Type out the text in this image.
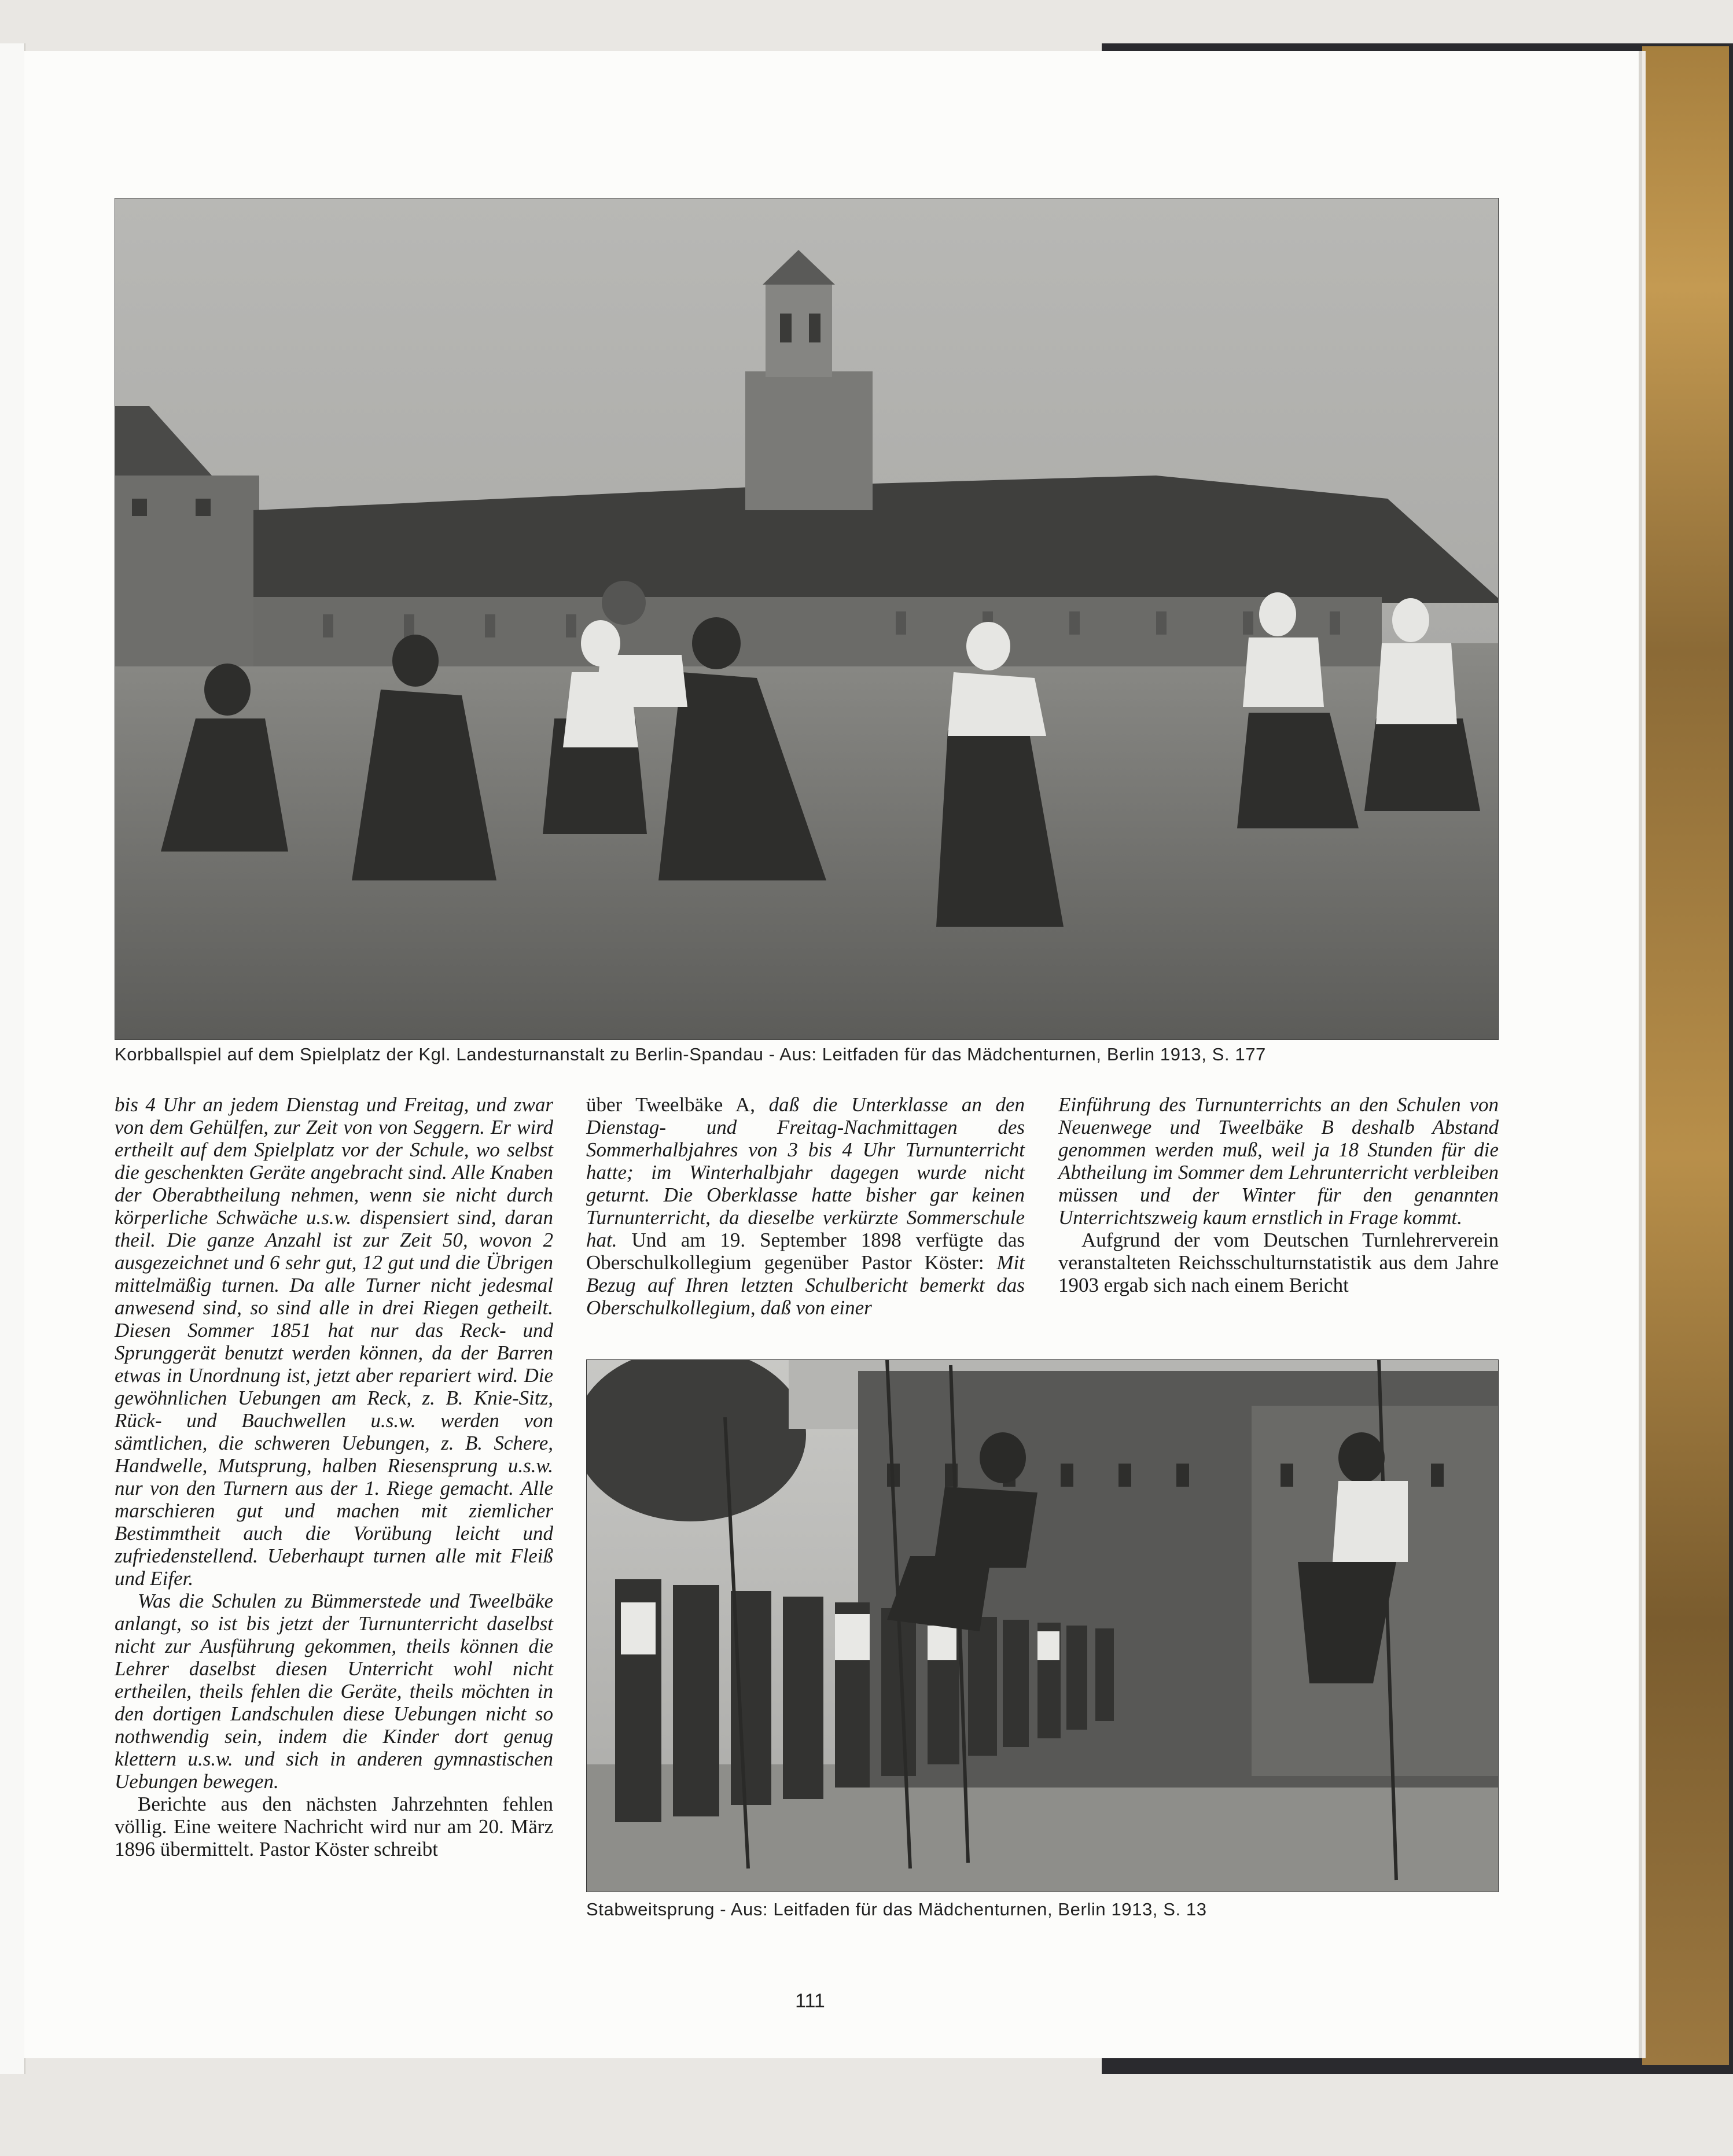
Korbballspiel auf dem Spielplatz der Kgl. Landesturnanstalt zu Berlin-Spandau - Aus: Leitfaden für das Mädchenturnen, Berlin 1913, S. 177

bis 4 Uhr an jedem Dienstag und Freitag, und zwar von dem Gehülfen, zur Zeit von von Seggern. Er wird ertheilt auf dem Spielplatz vor der Schule, wo selbst die geschenkten Geräte angebracht sind. Alle Knaben der Oberabtheilung nehmen, wenn sie nicht durch körperliche Schwäche u.s.w. dispensiert sind, daran theil. Die ganze Anzahl ist zur Zeit 50, wovon 2 ausgezeichnet und 6 sehr gut, 12 gut und die Übrigen mittelmäßig turnen. Da alle Turner nicht jedesmal anwesend sind, so sind alle in drei Riegen getheilt. Diesen Sommer 1851 hat nur das Reck- und Sprunggerät benutzt werden können, da der Barren etwas in Unordnung ist, jetzt aber repariert wird. Die gewöhnlichen Uebungen am Reck, z. B. Knie-Sitz, Rück- und Bauchwellen u.s.w. werden von sämtlichen, die schweren Uebungen, z. B. Schere, Handwelle, Mutsprung, halben Riesensprung u.s.w. nur von den Turnern aus der 1. Riege gemacht. Alle marschieren gut und machen mit ziemlicher Bestimmtheit auch die Vorübung leicht und zufriedenstellend. Ueberhaupt turnen alle mit Fleiß und Eifer.

Was die Schulen zu Bümmerstede und Tweelbäke anlangt, so ist bis jetzt der Turnunterricht daselbst nicht zur Ausführung gekommen, theils können die Lehrer daselbst diesen Unterricht wohl nicht ertheilen, theils fehlen die Geräte, theils möchten in den dortigen Landschulen diese Uebungen nicht so nothwendig sein, indem die Kinder dort genug klettern u.s.w. und sich in anderen gymnastischen Uebungen bewegen.

Berichte aus den nächsten Jahrzehnten fehlen völlig. Eine weitere Nachricht wird nur am 20. März 1896 übermittelt. Pastor Köster schreibt

über Tweelbäke A, daß die Unterklasse an den Dienstag- und Freitag-Nachmittagen des Sommerhalbjahres von 3 bis 4 Uhr Turnunterricht hatte; im Winterhalbjahr dagegen wurde nicht geturnt. Die Oberklasse hatte bisher gar keinen Turnunterricht, da dieselbe verkürzte Sommerschule hat. Und am 19. September 1898 verfügte das Oberschulkollegium gegenüber Pastor Köster: Mit Bezug auf Ihren letzten Schulbericht bemerkt das Oberschulkollegium, daß von einer

Einführung des Turnunterrichts an den Schulen von Neuenwege und Tweelbäke B deshalb Abstand genommen werden muß, weil ja 18 Stunden für die Abtheilung im Sommer dem Lehrunterricht verbleiben müssen und der Winter für den genannten Unterrichtszweig kaum ernstlich in Frage kommt.

Aufgrund der vom Deutschen Turnlehrerverein veranstalteten Reichsschulturnstatistik aus dem Jahre 1903 ergab sich nach einem Bericht

Stabweitsprung - Aus: Leitfaden für das Mädchenturnen, Berlin 1913, S. 13
111
